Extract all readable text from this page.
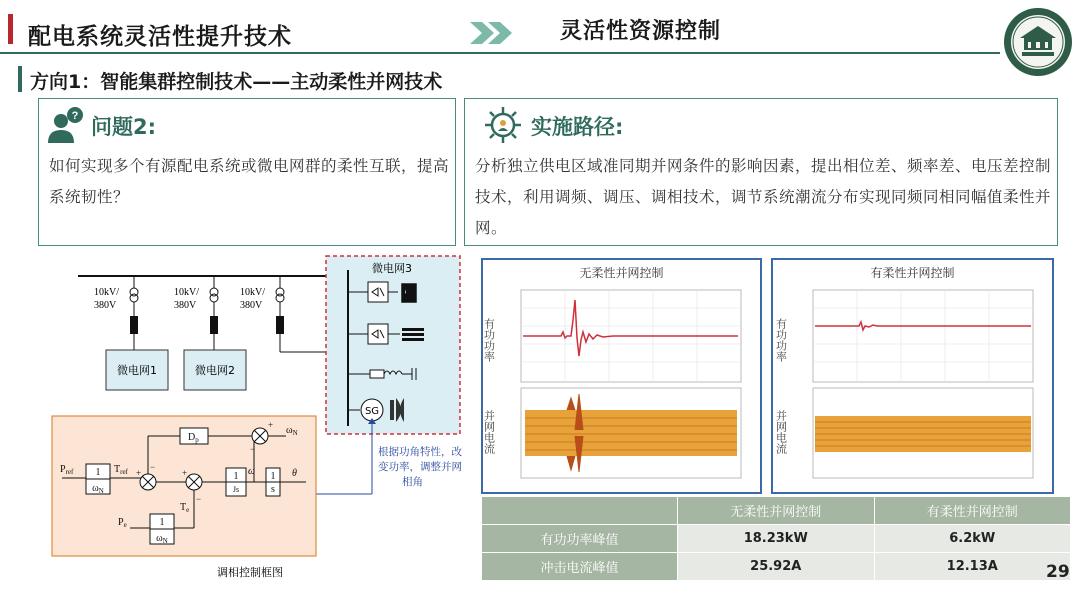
配电系统灵活性提升技术	灵活性资源控制
方向1：智能集群控制技术——主动柔性并网技术
? 问题2:
如何实现多个有源配电系统或微电网群的柔性互联，提高系统韧性？
实施路径:
分析独立供电区域准同期并网条件的影响因素，提出相位差、频率差、电压差控制技术，利用调频、调压、调相技术，调节系统潮流分布实现同频同相同幅值柔性并网。
10kV/
380V
10kV/
380V
10kV/
380V
微电网1	微电网2
微电网3
SG
根据功角特性，改
变功率，调整并网
相角
$P_{ref}$ 1
$\omega_N$
$T_{ref}$
$D_p$
1
Js
ω 1
s
θ
$\omega_N$
$T_e$
$P_e$	1
$\omega_N$
+	+
−
−
+
−
调相控制框图
无柔性并网控制
有功功率
并网电流
有柔性并网控制
有功功率
并网电流
	无柔性并网控制	有柔性并网控制
有功功率峰值	18.23kW	6.2kW
冲击电流峰值	25.92A	12.13A	29
